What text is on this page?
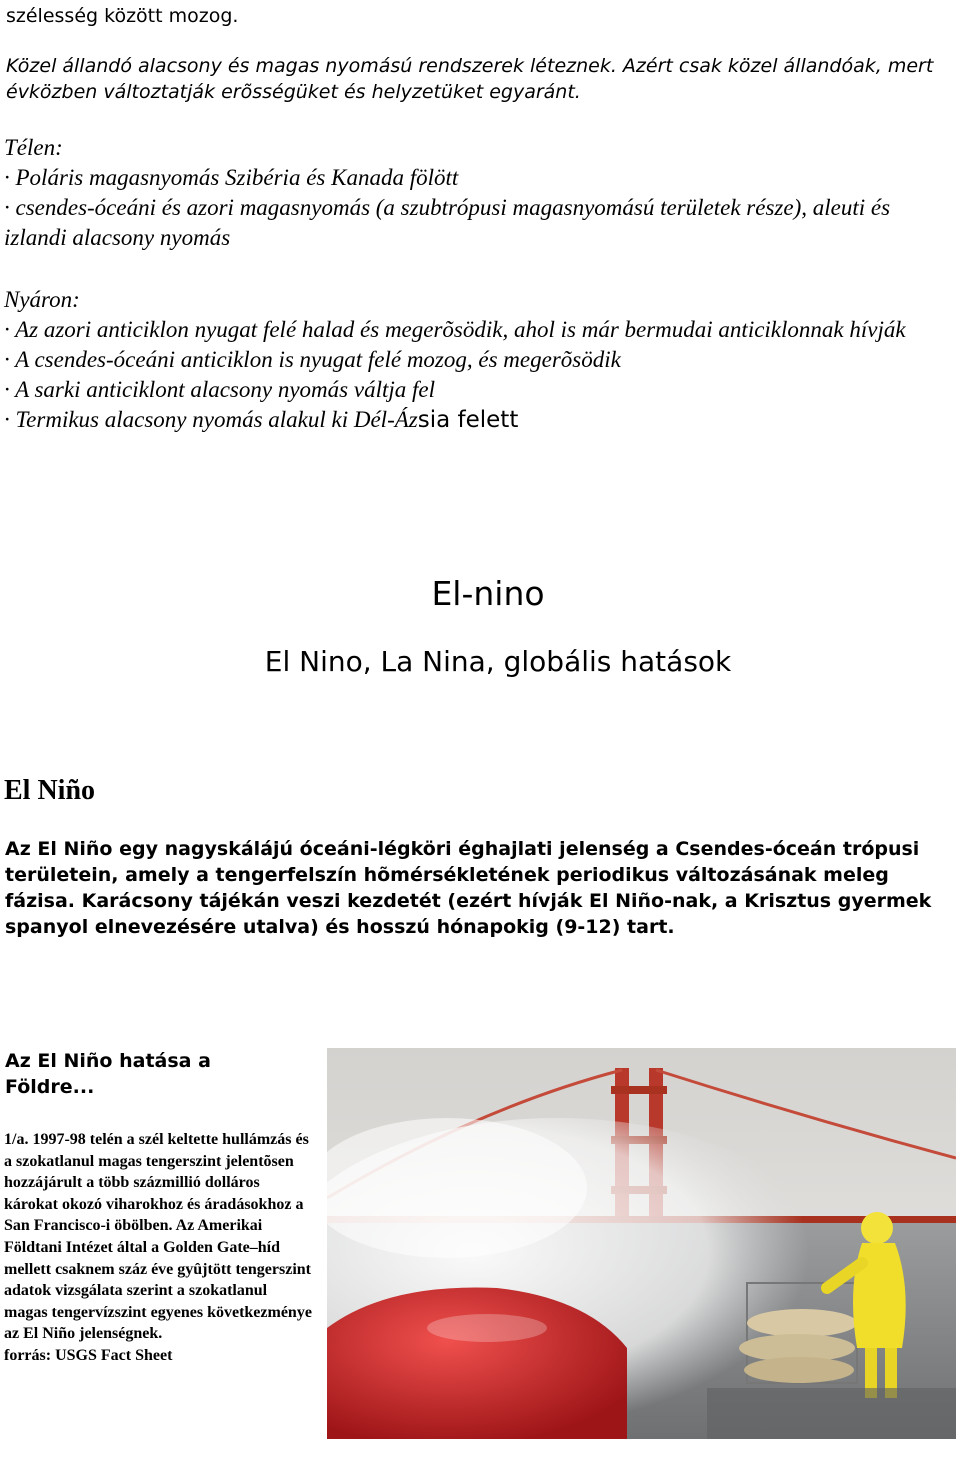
szélesség között mozog.

Közel állandó alacsony és magas nyomású rendszerek léteznek. Azért csak közel állandóak, mert évközben változtatják erõsségüket és helyzetüket egyaránt.

Télen:
· Poláris magasnyomás Szibéria és Kanada fölött
· csendes-óceáni és azori magasnyomás (a szubtrópusi magasnyomású területek része), aleuti és izlandi alacsony nyomás
Nyáron:
· Az azori anticiklon nyugat felé halad és megerõsödik, ahol is már bermudai anticiklonnak hívják
· A csendes-óceáni anticiklon is nyugat felé mozog, és megerõsödik
· A sarki anticiklont alacsony nyomás váltja fel
· Termikus alacsony nyomás alakul ki Dél-Ázsia felett
El-nino
El Nino, La Nina, globális hatások
El Niño

Az El Niño egy nagyskálájú óceáni-légköri éghajlati jelenség a Csendes-óceán trópusi területein, amely a tengerfelszín hõmérsékletének periodikus változásának meleg fázisa. Karácsony tájékán veszi kezdetét (ezért hívják El Niño-nak, a Krisztus gyermek spanyol elnevezésére utalva) és hosszú hónapokig (9-12) tart.

Az El Niño hatása a Földre...

1/a. 1997-98 telén a szél keltette hullámzás és a szokatlanul magas tengerszint jelentõsen hozzájárult a több százmillió dolláros károkat okozó viharokhoz és áradásokhoz a San Francisco-i öbölben. Az Amerikai Földtani Intézet által a Golden Gate–híd mellett csaknem száz éve gyûjtött tengerszint adatok vizsgálata szerint a szokatlanul magas tengervízszint egyenes következménye az El Niño jelenségnek.
forrás: USGS Fact Sheet
